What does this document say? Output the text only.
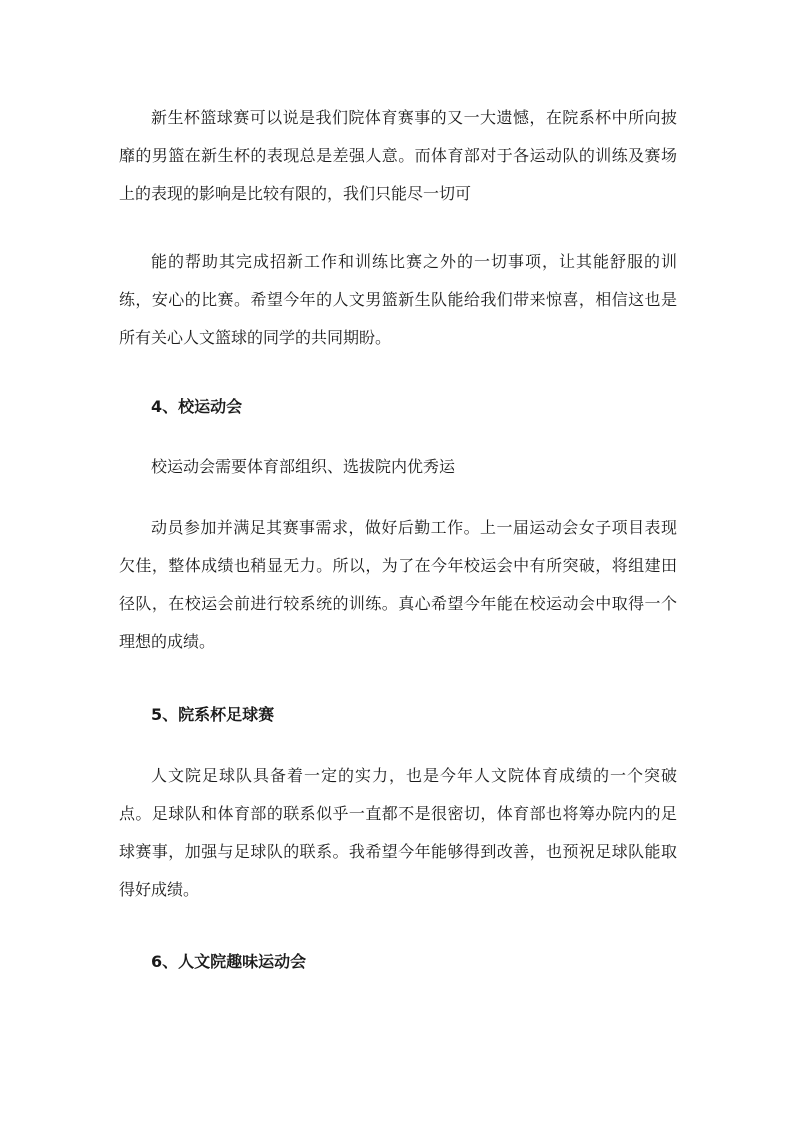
新生杯篮球赛可以说是我们院体育赛事的又一大遗憾，在院系杯中所向披靡的男篮在新生杯的表现总是差强人意。而体育部对于各运动队的训练及赛场上的表现的影响是比较有限的，我们只能尽一切可

能的帮助其完成招新工作和训练比赛之外的一切事项，让其能舒服的训练，安心的比赛。希望今年的人文男篮新生队能给我们带来惊喜，相信这也是所有关心人文篮球的同学的共同期盼。

4、校运动会

校运动会需要体育部组织、选拔院内优秀运

动员参加并满足其赛事需求，做好后勤工作。上一届运动会女子项目表现欠佳，整体成绩也稍显无力。所以，为了在今年校运会中有所突破，将组建田径队，在校运会前进行较系统的训练。真心希望今年能在校运动会中取得一个理想的成绩。

5、院系杯足球赛

人文院足球队具备着一定的实力，也是今年人文院体育成绩的一个突破点。足球队和体育部的联系似乎一直都不是很密切，体育部也将筹办院内的足球赛事，加强与足球队的联系。我希望今年能够得到改善，也预祝足球队能取得好成绩。

6、人文院趣味运动会
